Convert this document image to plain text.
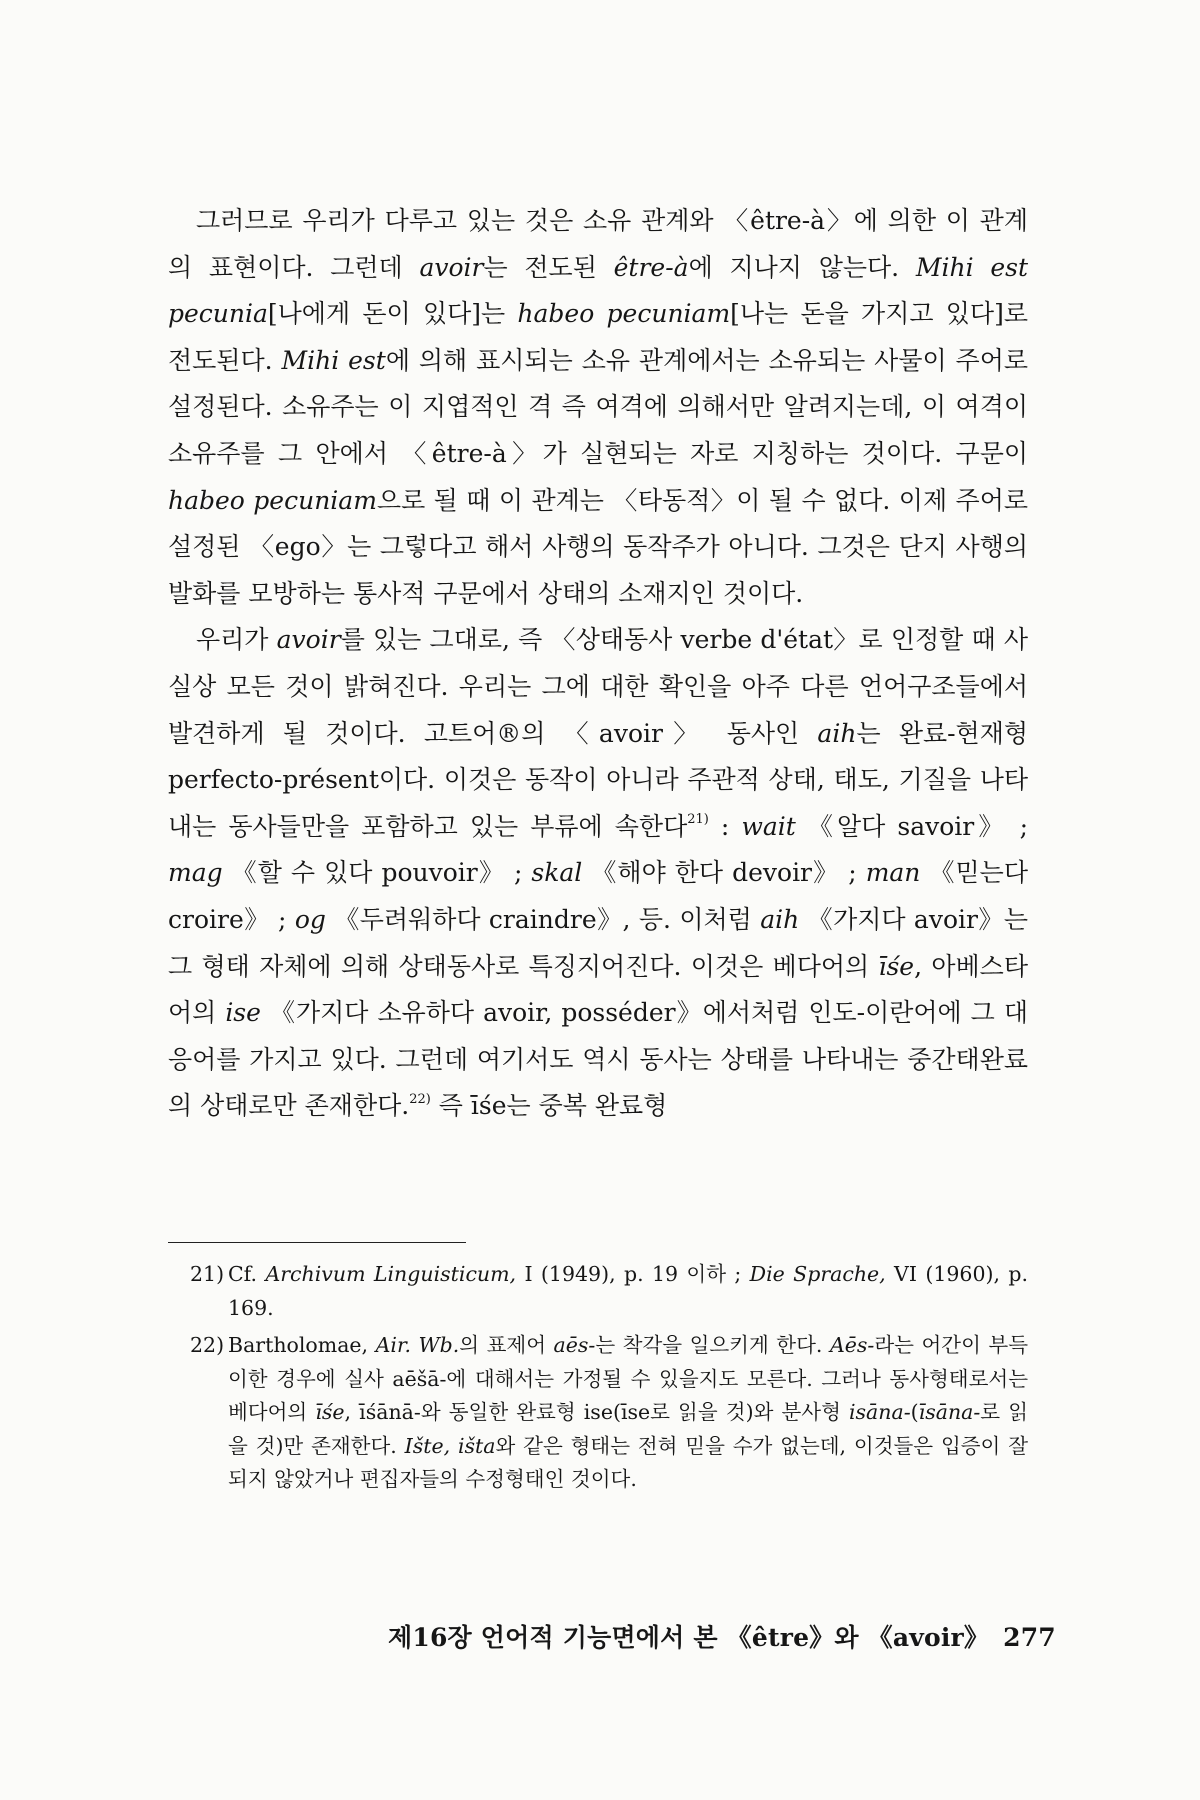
그러므로 우리가 다루고 있는 것은 소유 관계와 〈être-à〉에 의한 이 관계의 표현이다. 그런데 avoir는 전도된 être-à에 지나지 않는다. Mihi est pecunia[나에게 돈이 있다]는 habeo pecuniam[나는 돈을 가지고 있다]로 전도된다. Mihi est에 의해 표시되는 소유 관계에서는 소유되는 사물이 주어로 설정된다. 소유주는 이 지엽적인 격 즉 여격에 의해서만 알려지는데, 이 여격이 소유주를 그 안에서 〈être-à〉가 실현되는 자로 지칭하는 것이다. 구문이 habeo pecuniam으로 될 때 이 관계는 〈타동적〉이 될 수 없다. 이제 주어로 설정된 〈ego〉는 그렇다고 해서 사행의 동작주가 아니다. 그것은 단지 사행의 발화를 모방하는 통사적 구문에서 상태의 소재지인 것이다.

우리가 avoir를 있는 그대로, 즉 〈상태동사 verbe d'état〉로 인정할 때 사실상 모든 것이 밝혀진다. 우리는 그에 대한 확인을 아주 다른 언어구조들에서 발견하게 될 것이다. 고트어®의 〈avoir〉 동사인 aih는 완료-현재형 perfecto-présent이다. 이것은 동작이 아니라 주관적 상태, 태도, 기질을 나타내는 동사들만을 포함하고 있는 부류에 속한다$^{21)}$ : wait 《알다 savoir》 ; mag 《할 수 있다 pouvoir》 ; skal 《해야 한다 devoir》 ; man 《믿는다 croire》 ; og 《두려워하다 craindre》, 등. 이처럼 aih 《가지다 avoir》는 그 형태 자체에 의해 상태동사로 특징지어진다. 이것은 베다어의 īśe, 아베스타어의 ise 《가지다 소유하다 avoir, posséder》에서처럼 인도-이란어에 그 대응어를 가지고 있다. 그런데 여기서도 역시 동사는 상태를 나타내는 중간태완료의 상태로만 존재한다.$^{22)}$ 즉 īśe는 중복 완료형

21) Cf. Archivum Linguisticum, I (1949), p. 19 이하 ; Die Sprache, VI (1960), p. 169.
22) Bartholomae, Air. Wb.의 표제어 aēs-는 착각을 일으키게 한다. Aēs-라는 어간이 부득이한 경우에 실사 aēšā-에 대해서는 가정될 수 있을지도 모른다. 그러나 동사형태로서는 베다어의 īśe, īśānā-와 동일한 완료형 ise(īse로 읽을 것)와 분사형 isāna-(īsāna-로 읽을 것)만 존재한다. Ište, išta와 같은 형태는 전혀 믿을 수가 없는데, 이것들은 입증이 잘 되지 않았거나 편집자들의 수정형태인 것이다.
제16장 언어적 기능면에서 본 《être》와 《avoir》 277
